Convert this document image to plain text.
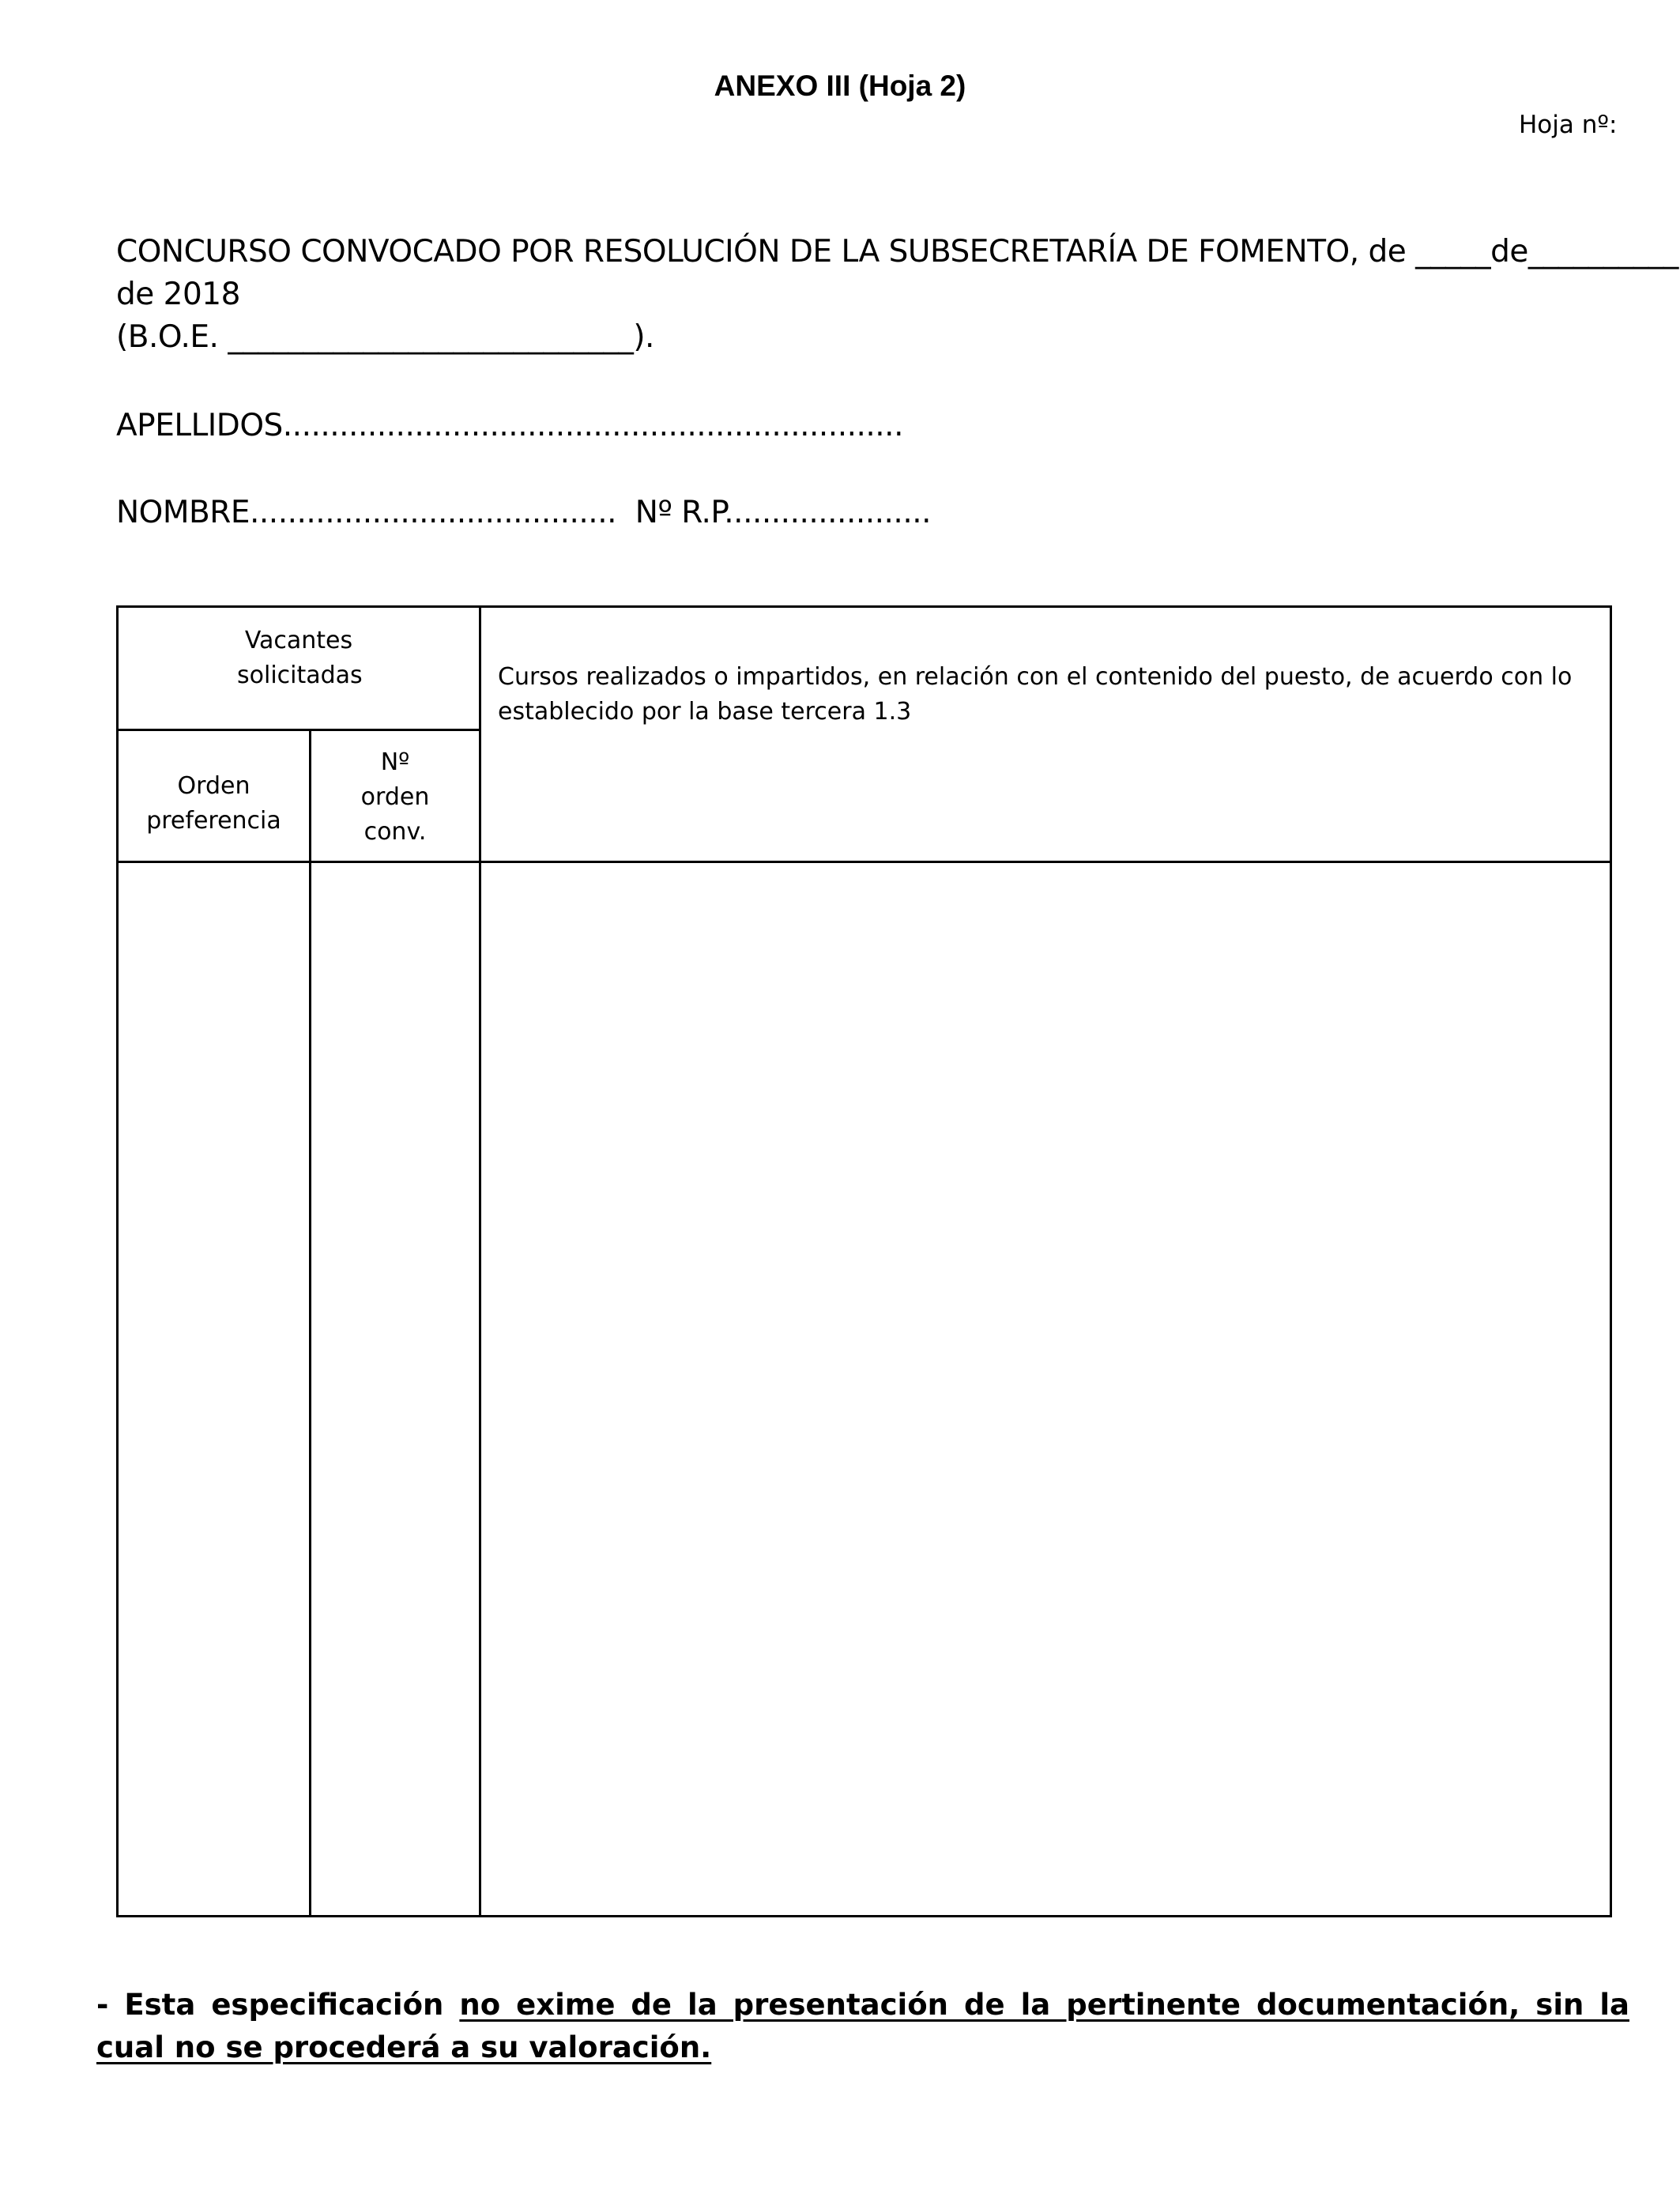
ANEXO III (Hoja 2)
Hoja nº:
CONCURSO CONVOCADO POR RESOLUCIÓN DE LA SUBSECRETARÍA DE FOMENTO, de _____de__________
de 2018
(B.O.E. ___________________________).
APELLIDOS..................................................................
NOMBRE.......................................  Nº R.P......................
Vacantes solicitadas
Orden preferencia
Nº orden conv.
Cursos realizados o impartidos, en relación con el contenido del puesto, de acuerdo con lo establecido por la base tercera 1.3
- Esta especificación no exime de la presentación de la pertinente documentación, sin la cual no se procederá a su valoración.
